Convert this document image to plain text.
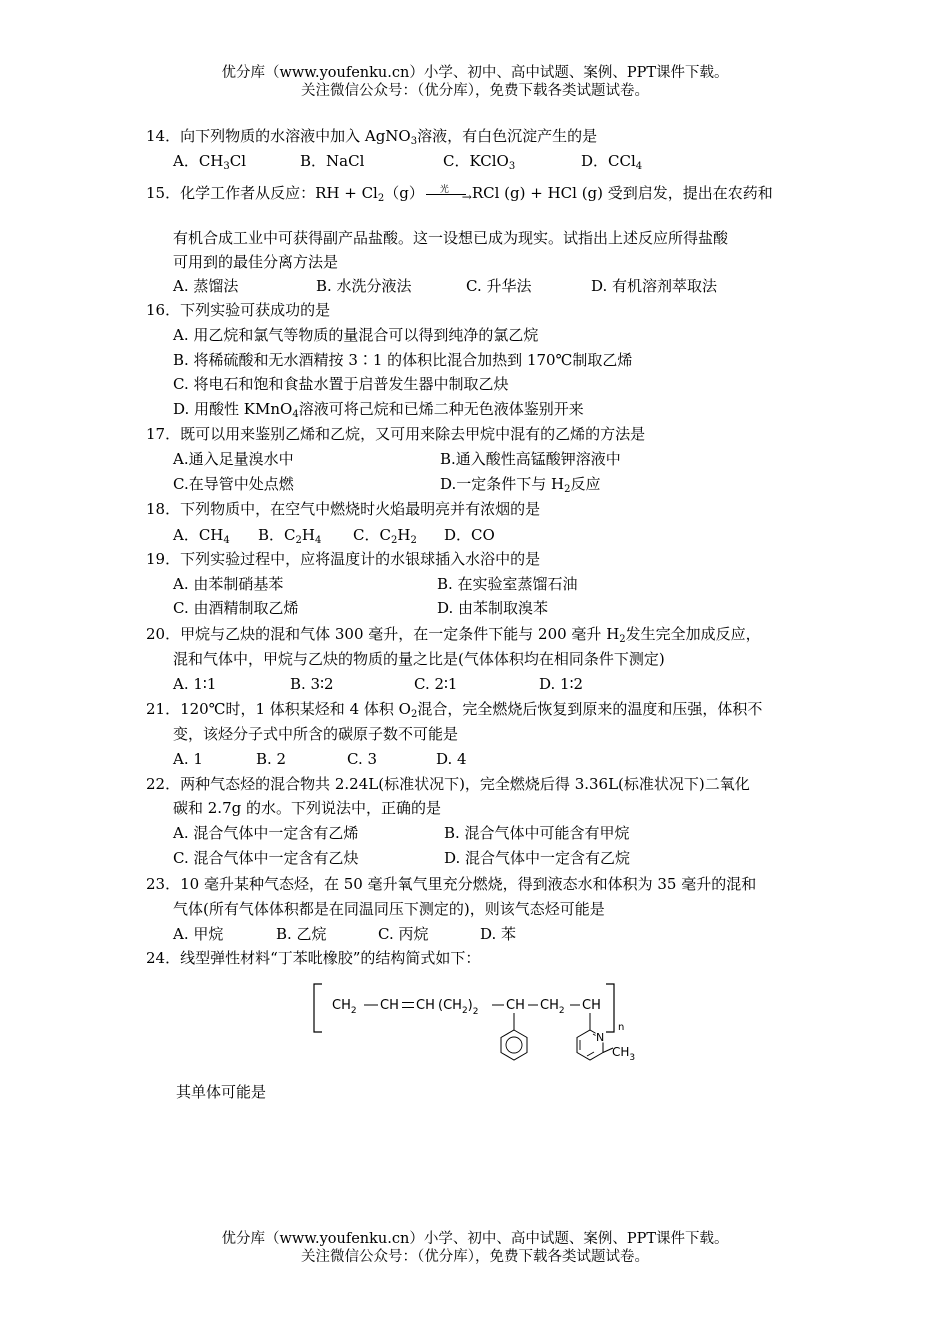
优分库（www.youfenku.cn）小学、初中、高中试题、案例、PPT课件下载。
关注微信公众号：（优分库），免费下载各类试题试卷。
14．向下列物质的水溶液中加入 AgNO$_3$溶液，有白色沉淀产生的是
A．$CH_3Cl$	B．NaCl	C．KClO$_3$	D．CCl$_4$
15．化学工作者从反应：RH + $Cl_2(g)$ 光 → RCl (g) + HCl (g) 受到启发，提出在农药和
有机合成工业中可获得副产品盐酸。这一设想已成为现实。试指出上述反应所得盐酸
可用到的最佳分离方法是
A. 蒸馏法	B. 水洗分液法	C. 升华法	D. 有机溶剂萃取法
16．下列实验可获成功的是
A. 用乙烷和氯气等物质的量混合可以得到纯净的氯乙烷
B. 将稀硫酸和无水酒精按 3∶1 的体积比混合加热到 170℃制取乙烯
C. 将电石和饱和食盐水置于启普发生器中制取乙炔
D. 用酸性 KMnO$_4$溶液可将己烷和已烯二种无色液体鉴别开来
17．既可以用来鉴别乙烯和乙烷，又可用来除去甲烷中混有的乙烯的方法是
A.通入足量溴水中	B.通入酸性高锰酸钾溶液中
C.在导管中处点燃	D.一定条件下与 $H_2$反应
18．下列物质中，在空气中燃烧时火焰最明亮并有浓烟的是
A．$CH_4$ B．$C_2H_4$ C．$C_2H_2$ D．CO
19．下列实验过程中，应将温度计的水银球插入水浴中的是
A. 由苯制硝基苯	B. 在实验室蒸馏石油
C. 由酒精制取乙烯	D. 由苯制取溴苯
20．甲烷与乙炔的混和气体 300 毫升，在一定条件下能与 200 毫升 $H_2$发生完全加成反应，
混和气体中，甲烷与乙炔的物质的量之比是(气体体积均在相同条件下测定)
A. 1∶1	B. 3∶2	C. 2∶1	D. 1∶2
21．120℃时，1 体积某烃和 4 体积 $O_2$混合，完全燃烧后恢复到原来的温度和压强，体积不
变，该烃分子式中所含的碳原子数不可能是
A. 1	B. 2	C. 3	D. 4
22．两种气态烃的混合物共 2.24L(标准状况下)，完全燃烧后得 3.36L(标准状况下)二氧化
碳和 2.7g 的水。下列说法中，正确的是
A. 混合气体中一定含有乙烯	B. 混合气体中可能含有甲烷
C. 混合气体中一定含有乙炔	D. 混合气体中一定含有乙烷
23．10 毫升某种气态烃，在 50 毫升氧气里充分燃烧，得到液态水和体积为 35 毫升的混和
气体(所有气体体积都是在同温同压下测定的)，则该气态烃可能是
A. 甲烷	B. 乙烷	C. 丙烷	D. 苯
24．线型弹性材料“丁苯吡橡胶”的结构简式如下：
n
$CH_2$ CH CH $(CH_2)_2$ CH $CH_2$ CH
N
$CH_3$
其单体可能是
优分库（www.youfenku.cn）小学、初中、高中试题、案例、PPT课件下载。
关注微信公众号：（优分库），免费下载各类试题试卷。
